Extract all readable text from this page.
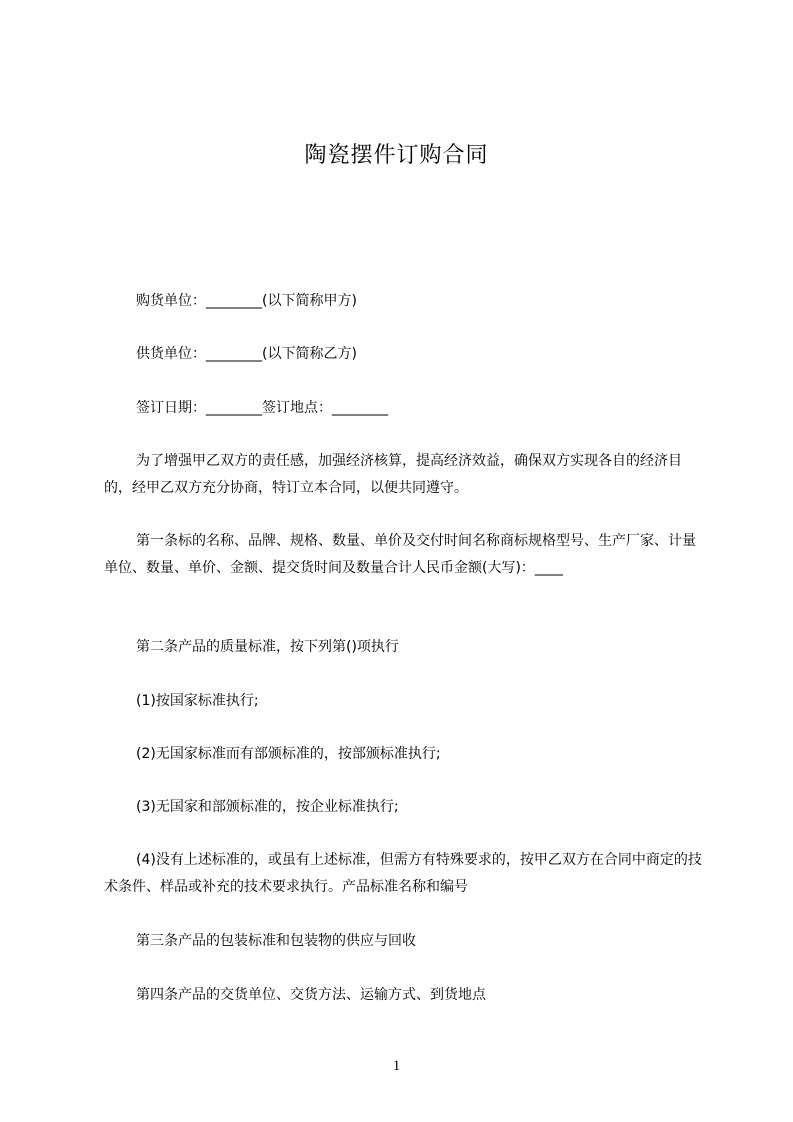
陶瓷摆件订购合同
购货单位：________(以下简称甲方)
供货单位：________(以下简称乙方)
签订日期：________签订地点：________
为了增强甲乙双方的责任感，加强经济核算，提高经济效益，确保双方实现各自的经济目的，经甲乙双方充分协商，特订立本合同，以便共同遵守。
第一条标的名称、品牌、规格、数量、单价及交付时间名称商标规格型号、生产厂家、计量单位、数量、单价、金额、提交货时间及数量合计人民币金额(大写)：____
第二条产品的质量标准，按下列第()项执行
(1)按国家标准执行;
(2)无国家标准而有部颁标准的，按部颁标准执行;
(3)无国家和部颁标准的，按企业标准执行;
(4)没有上述标准的，或虽有上述标准，但需方有特殊要求的，按甲乙双方在合同中商定的技术条件、样品或补充的技术要求执行。产品标准名称和编号
第三条产品的包装标准和包装物的供应与回收
第四条产品的交货单位、交货方法、运输方式、到货地点
1
